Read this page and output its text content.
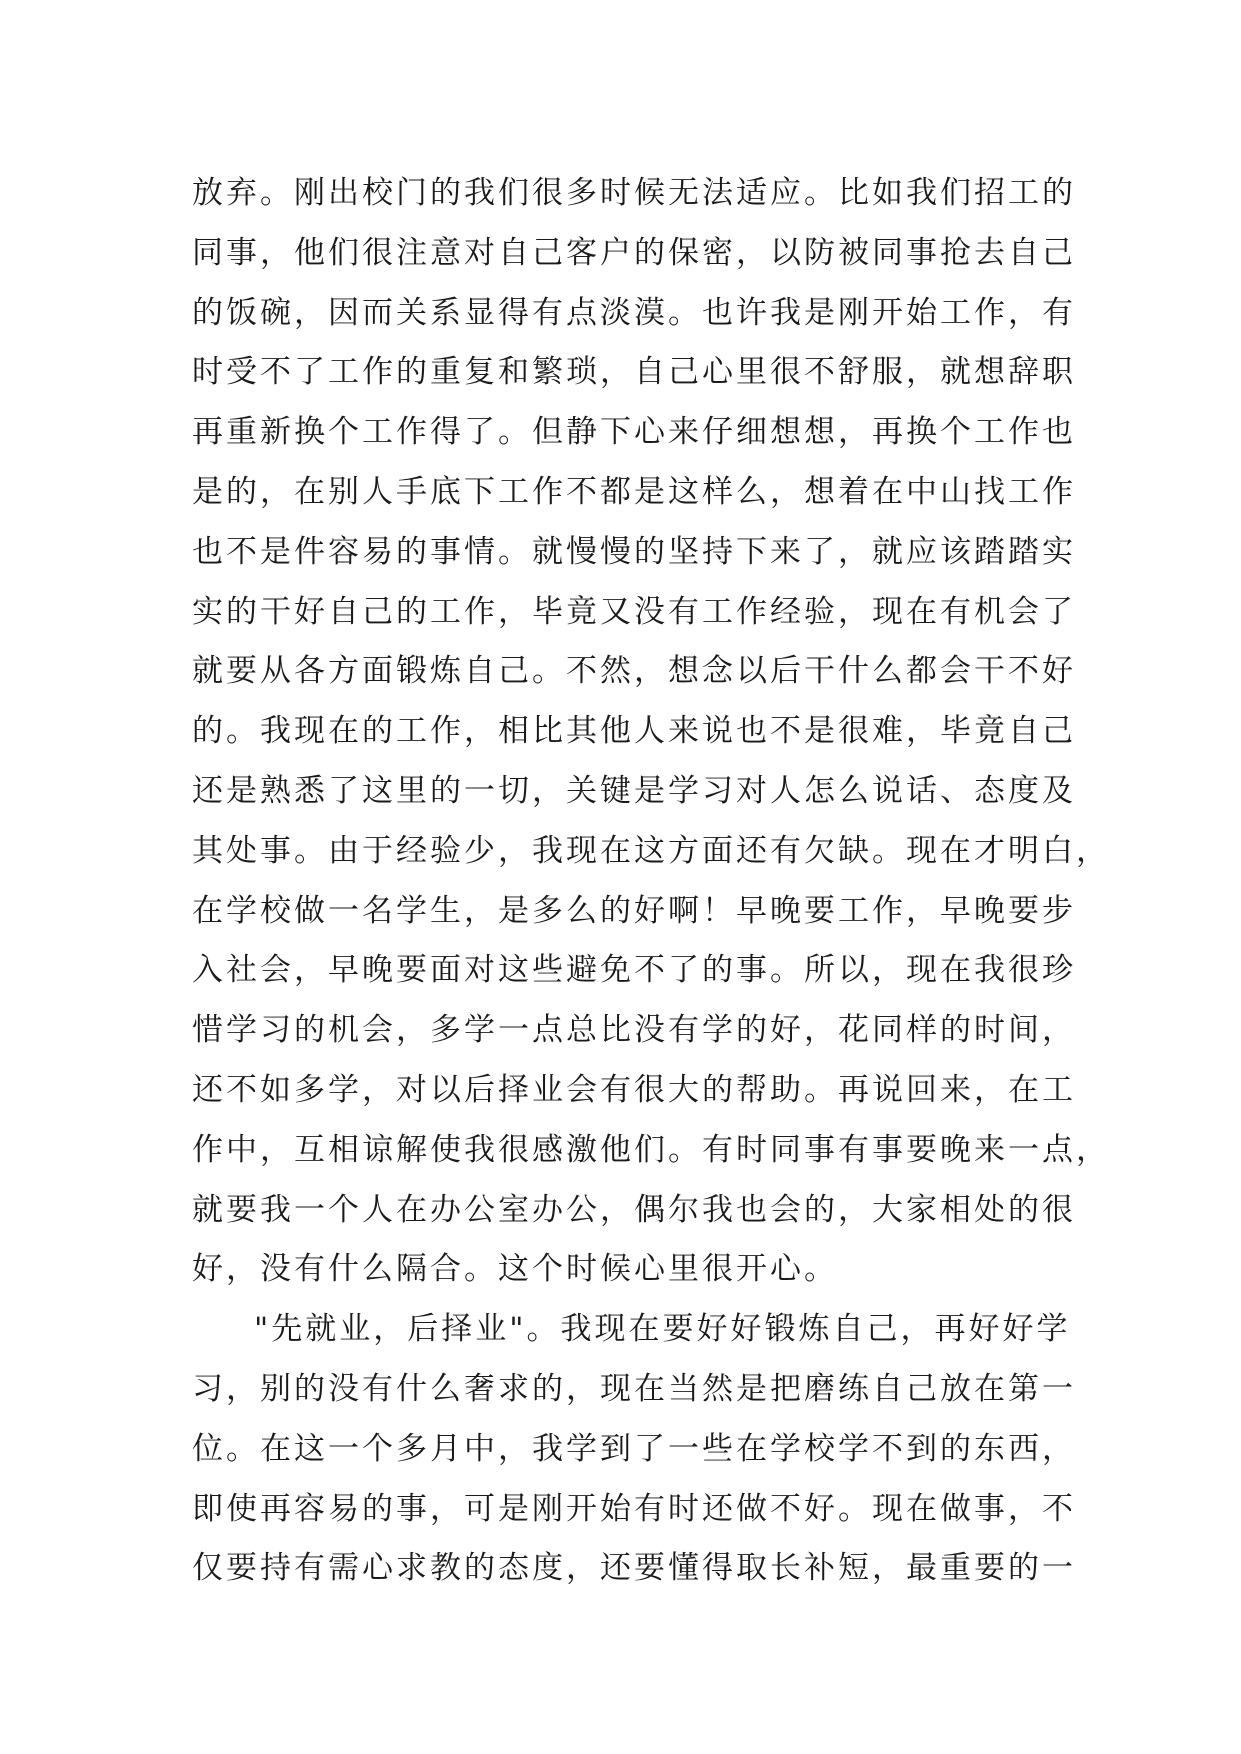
放弃。刚出校门的我们很多时候无法适应。比如我们招工的
同事，他们很注意对自己客户的保密，以防被同事抢去自己
的饭碗，因而关系显得有点淡漠。也许我是刚开始工作，有
时受不了工作的重复和繁琐，自己心里很不舒服，就想辞职
再重新换个工作得了。但静下心来仔细想想，再换个工作也
是的，在别人手底下工作不都是这样么，想着在中山找工作
也不是件容易的事情。就慢慢的坚持下来了，就应该踏踏实
实的干好自己的工作，毕竟又没有工作经验，现在有机会了
就要从各方面锻炼自己。不然，想念以后干什么都会干不好
的。我现在的工作，相比其他人来说也不是很难，毕竟自己
还是熟悉了这里的一切，关键是学习对人怎么说话、态度及
其处事。由于经验少，我现在这方面还有欠缺。现在才明白，
在学校做一名学生，是多么的好啊！早晚要工作，早晚要步
入社会，早晚要面对这些避免不了的事。所以，现在我很珍
惜学习的机会，多学一点总比没有学的好，花同样的时间，
还不如多学，对以后择业会有很大的帮助。再说回来，在工
作中，互相谅解使我很感激他们。有时同事有事要晚来一点，
就要我一个人在办公室办公，偶尔我也会的，大家相处的很
好，没有什么隔合。这个时候心里很开心。
"先就业，后择业"。我现在要好好锻炼自己，再好好学
习，别的没有什么奢求的，现在当然是把磨练自己放在第一
位。在这一个多月中，我学到了一些在学校学不到的东西，
即使再容易的事，可是刚开始有时还做不好。现在做事，不
仅要持有需心求教的态度，还要懂得取长补短，最重要的一
